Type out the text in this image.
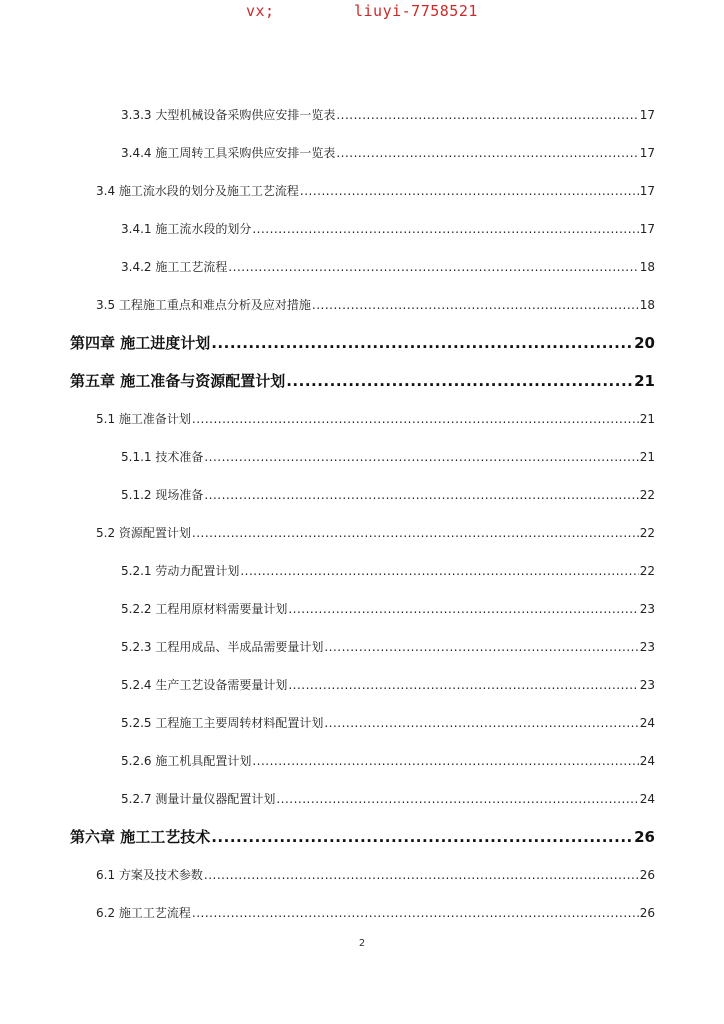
vx;	liuyi-7758521
3.3.3 大型机械设备采购供应安排一览表 .....	17
3.4.4 施工周转工具采购供应安排一览表 .....	17
3.4 施工流水段的划分及施工工艺流程 .....	17
3.4.1 施工流水段的划分 .....	17
3.4.2 施工工艺流程 .....	18
3.5 工程施工重点和难点分析及应对措施 .....	18
第四章 施工进度计划 .....	20
第五章 施工准备与资源配置计划 .....	21
5.1 施工准备计划 .....	21
5.1.1 技术准备 .....	21
5.1.2 现场准备 .....	22
5.2 资源配置计划 .....	22
5.2.1 劳动力配置计划 .....	22
5.2.2 工程用原材料需要量计划 .....	23
5.2.3 工程用成品、半成品需要量计划 .....	23
5.2.4 生产工艺设备需要量计划 .....	23
5.2.5 工程施工主要周转材料配置计划 .....	24
5.2.6 施工机具配置计划 .....	24
5.2.7 测量计量仪器配置计划 .....	24
第六章 施工工艺技术 .....	26
6.1 方案及技术参数 .....	26
6.2 施工工艺流程 .....	26
2
